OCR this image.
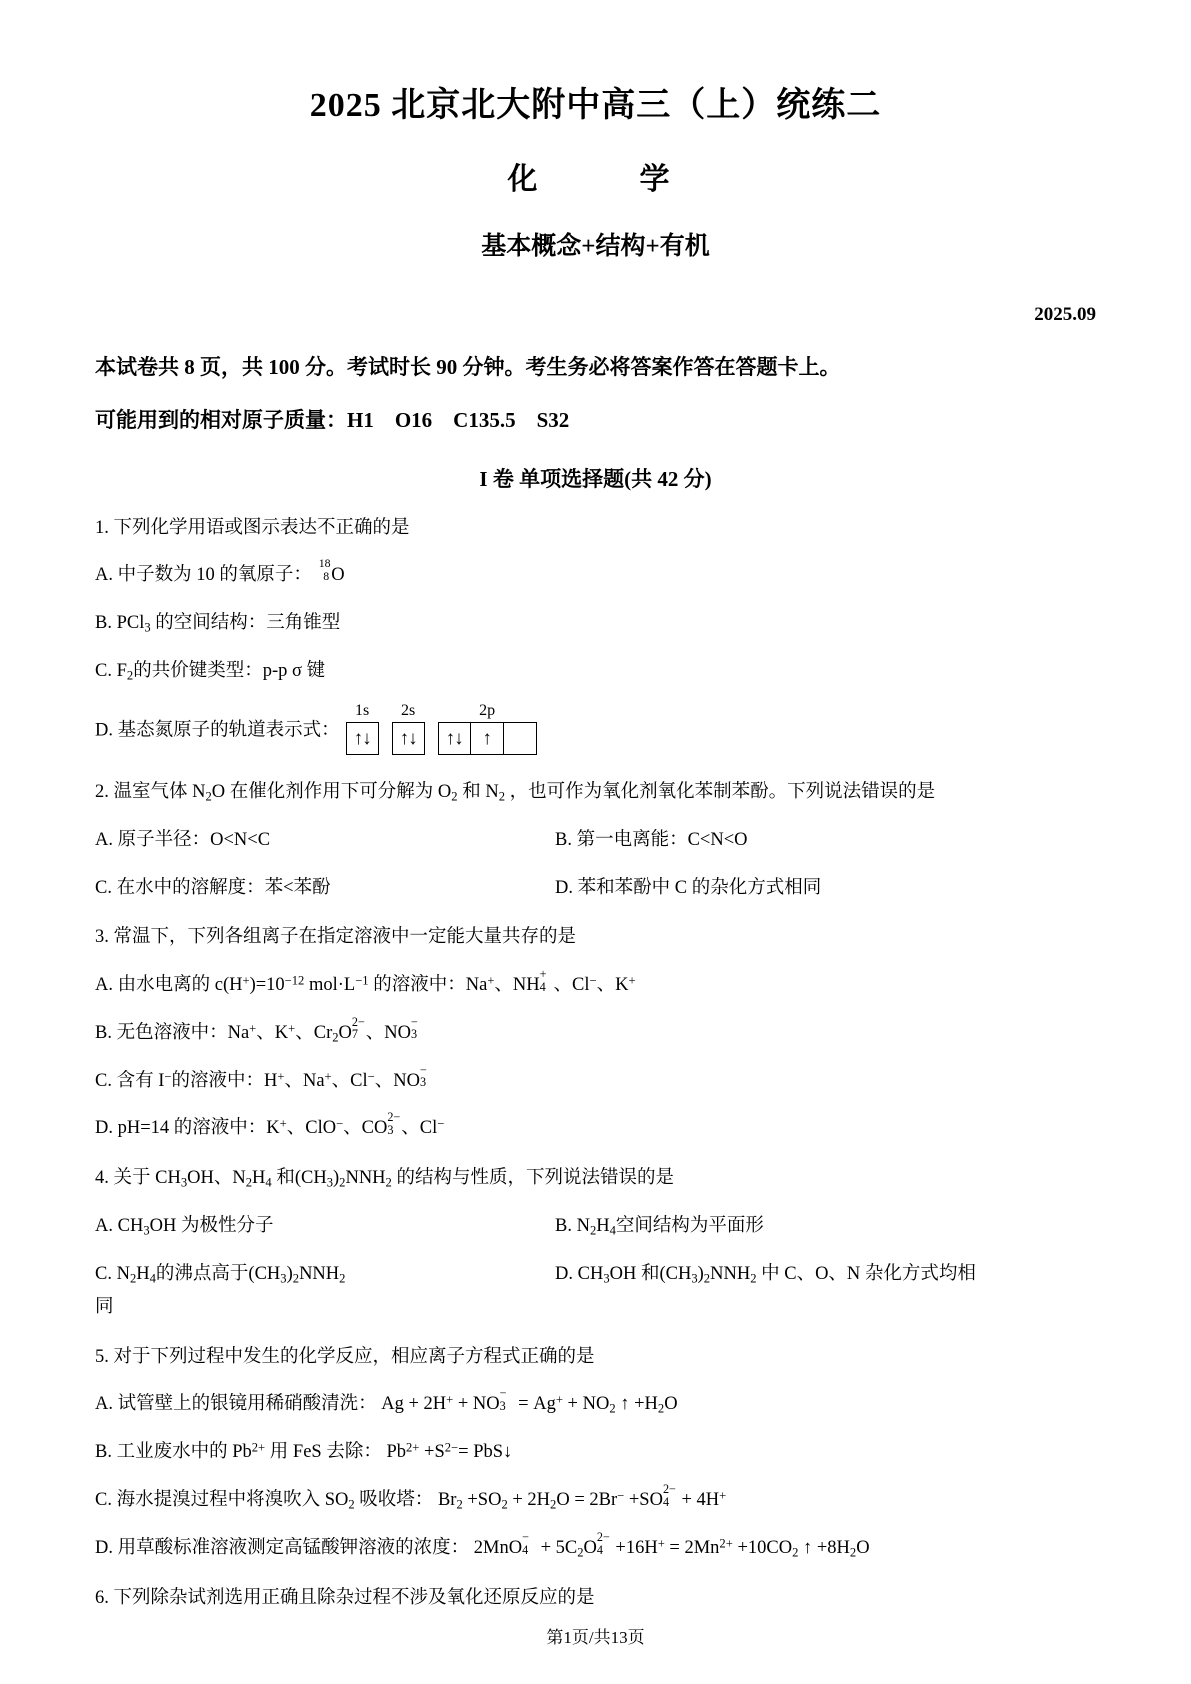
2025 北京北大附中高三（上）统练二
化　　学
基本概念+结构+有机

2025.09

本试卷共 8 页，共 100 分。考试时长 90 分钟。考生务必将答案作答在答题卡上。

可能用到的相对原子质量：H1　O16　C135.5　S32

I 卷 单项选择题(共 42 分)

1. 下列化学用语或图示表达不正确的是

A. 中子数为 10 的氧原子：
18
8 O

B. PCl$_3$ 的空间结构：三角锥型

C. $F_2$的共价键类型：p-p σ 键

D. 基态氮原子的轨道表示式：
1s
↑↓
2s
↑↓
2p
↑↓	↑

2. 温室气体 $N_2O$ 在催化剂作用下可分解为 $O_2$ 和 $N_2$ ，也可作为氧化剂氧化苯制苯酚。下列说法错误的是

A. 原子半径：O<N<C	B. 第一电离能：C<N<O
C. 在水中的溶解度：苯<苯酚	D. 苯和苯酚中 C 的杂化方式相同

3. 常温下，下列各组离子在指定溶液中一定能大量共存的是

A. 由水电离的 $c(H^+)=10^{-12}$ $mol\cdot L^{-1}$ 的溶液中：Na+、NH
+
4 、Cl−、K+

B. 无色溶液中：Na+、K+、$Cr_2O$
2−
7 、NO
−
3

C. 含有 I−的溶液中：H+、Na+、Cl−、NO
−
3

D. pH=14 的溶液中：K+、ClO−、CO
2−
3 、Cl−

4. 关于 $CH_3OH$、$N_2H_4$ 和$(CH_3)_2NNH_2$ 的结构与性质，下列说法错误的是

A. $CH_3OH$ 为极性分子	B. $N_2H_4$空间结构为平面形
C. $N_2H_4$的沸点高于$(CH_3)_2NNH_2$	D. $CH_3OH$ 和$(CH_3)_2NNH_2$ 中 C、O、N 杂化方式均相
同

5. 对于下列过程中发生的化学反应，相应离子方程式正确的是

A. 试管壁上的银镜用稀硝酸清洗： Ag + 2H+ + NO
−
$3 = Ag^+ + NO_2$ ↑ $+H_2O$

B. 工业废水中的 $Pb^{2+}$ 用 FeS 去除： $Pb^{2+} +S^{2-}=$ PbS↓

C. 海水提溴过程中将溴吹入 $SO_2$ 吸收塔： $Br_2 +SO_2 + 2H_2O = 2Br^- +SO$
2−
4 + 4H+

D. 用草酸标准溶液测定高锰酸钾溶液的浓度： 2MnO
−
$4 + 5C_2O$
2−
$4 +16H^+ = 2Mn^{2+} +10CO_2$ ↑ $+8H_2O$

6. 下列除杂试剂选用正确且除杂过程不涉及氧化还原反应的是

第1页/共13页
